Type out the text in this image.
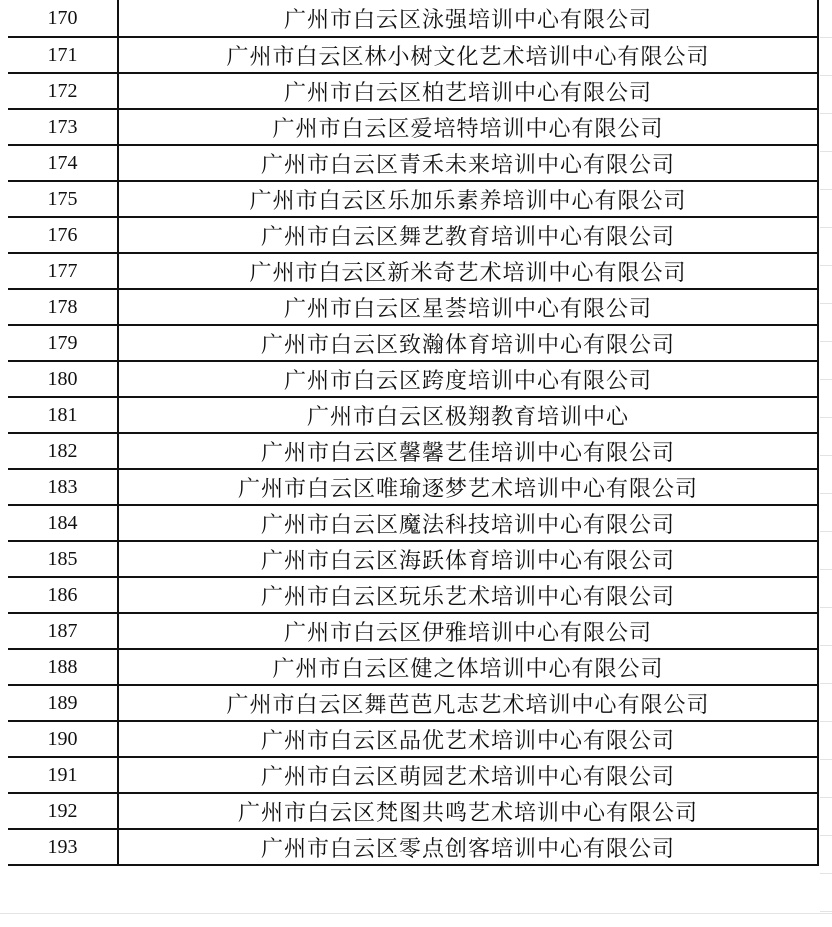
170	广州市白云区泳强培训中心有限公司
171	广州市白云区林小树文化艺术培训中心有限公司
172	广州市白云区柏艺培训中心有限公司
173	广州市白云区爱培特培训中心有限公司
174	广州市白云区青禾未来培训中心有限公司
175	广州市白云区乐加乐素养培训中心有限公司
176	广州市白云区舞艺教育培训中心有限公司
177	广州市白云区新米奇艺术培训中心有限公司
178	广州市白云区星荟培训中心有限公司
179	广州市白云区致瀚体育培训中心有限公司
180	广州市白云区跨度培训中心有限公司
181	广州市白云区极翔教育培训中心
182	广州市白云区馨馨艺佳培训中心有限公司
183	广州市白云区唯瑜逐梦艺术培训中心有限公司
184	广州市白云区魔法科技培训中心有限公司
185	广州市白云区海跃体育培训中心有限公司
186	广州市白云区玩乐艺术培训中心有限公司
187	广州市白云区伊雅培训中心有限公司
188	广州市白云区健之体培训中心有限公司
189	广州市白云区舞芭芭凡志艺术培训中心有限公司
190	广州市白云区品优艺术培训中心有限公司
191	广州市白云区萌园艺术培训中心有限公司
192	广州市白云区梵图共鸣艺术培训中心有限公司
193	广州市白云区零点创客培训中心有限公司
